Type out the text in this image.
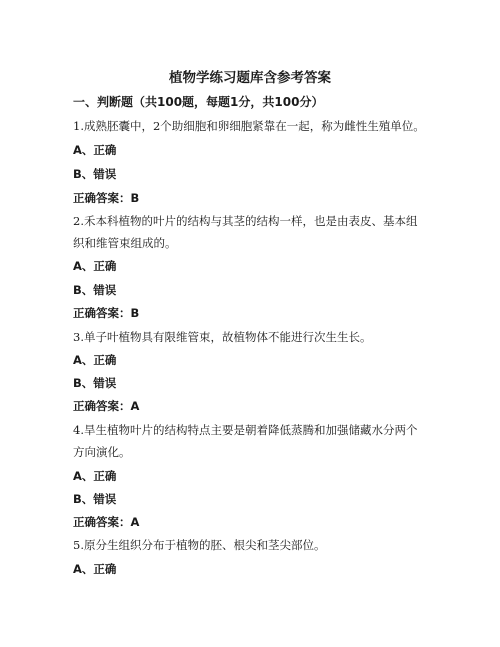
植物学练习题库含参考答案
一、判断题（共100题，每题1分，共100分）
1.成熟胚囊中，2个助细胞和卵细胞紧靠在一起，称为雌性生殖单位。
A、正确
B、错误
正确答案：B
2.禾本科植物的叶片的结构与其茎的结构一样，也是由表皮、基本组
织和维管束组成的。
A、正确
B、错误
正确答案：B
3.单子叶植物具有限维管束，故植物体不能进行次生生长。
A、正确
B、错误
正确答案：A
4.旱生植物叶片的结构特点主要是朝着降低蒸腾和加强储藏水分两个
方向演化。
A、正确
B、错误
正确答案：A
5.原分生组织分布于植物的胚、根尖和茎尖部位。
A、正确
